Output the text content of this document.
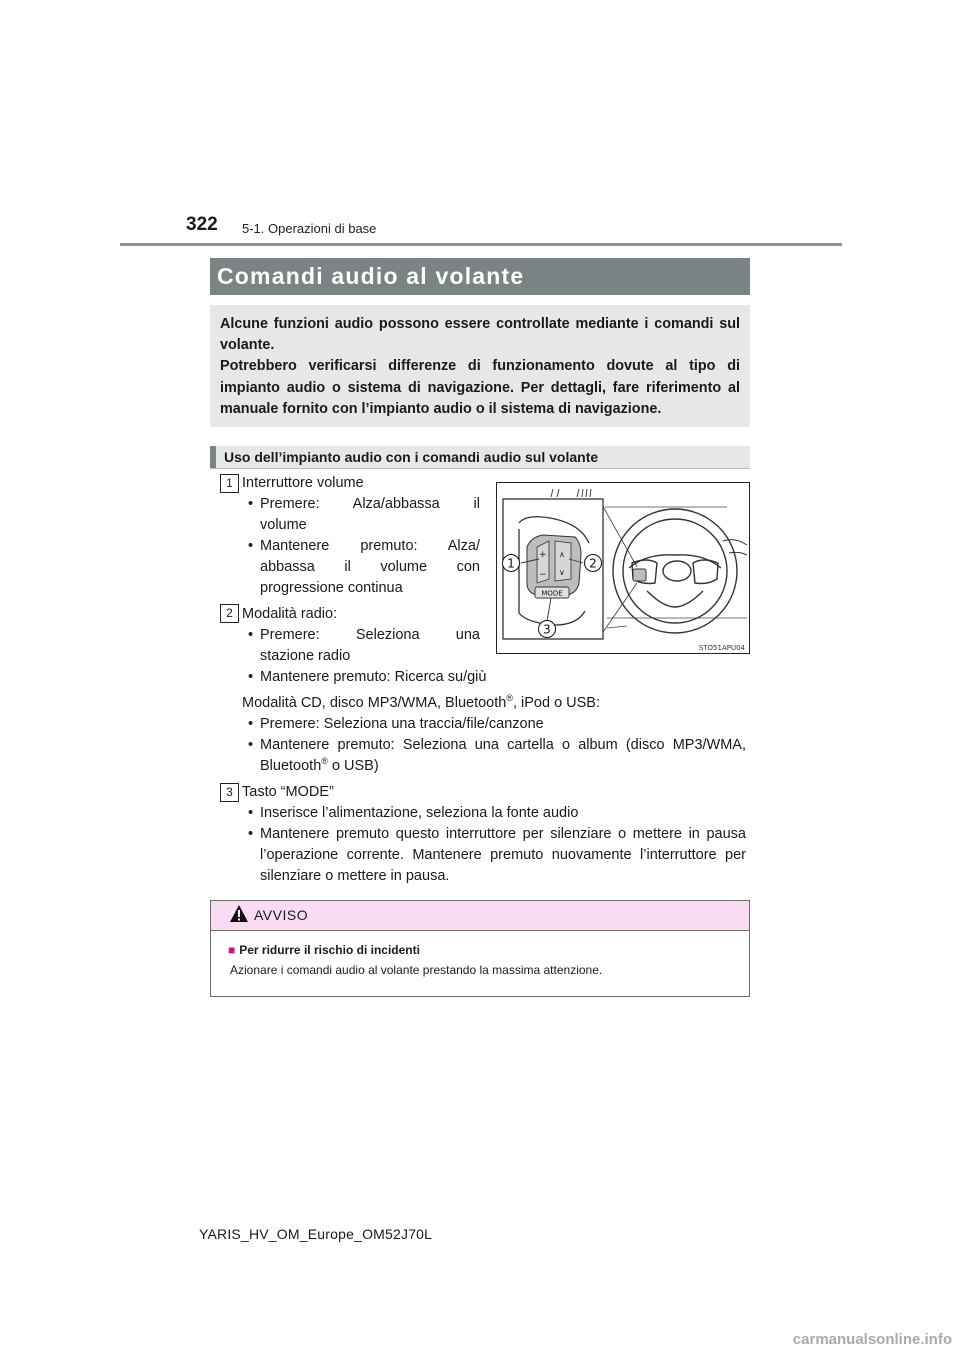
322 5-1. Operazioni di base
Comandi audio al volante

Alcune funzioni audio possono essere controllate mediante i comandi sul volante.

Potrebbero verificarsi differenze di funzionamento dovute al tipo di impianto audio o sistema di navigazione. Per dettagli, fare riferimento al manuale fornito con l’impianto audio o il sistema di navigazione.

Uso dell’impianto audio con i comandi audio sul volante
1 Interruttore volume
• Premere: Alza/abbassa il
volume
• Mantenere premuto: Alza/
abbassa il volume con
progressione continua
2 Modalità radio:
• Premere: Seleziona una
stazione radio
• Mantenere premuto: Ricerca su/giù
Modalità CD, disco MP3/WMA, Bluetooth®, iPod o USB:
• Premere: Seleziona una traccia/file/canzone
• Mantenere premuto: Seleziona una cartella o album (disco MP3/WMA,
Bluetooth® o USB)
3 Tasto “MODE”
• Inserisce l’alimentazione, seleziona la fonte audio
• Mantenere premuto questo interruttore per silenziare o mettere in pausa
l’operazione corrente. Mantenere premuto nuovamente l’interruttore per
silenziare o mettere in pausa.
+
−
∧
∨
MODE
1	2
3
STO51APU04
AVVISO
■ Per ridurre il rischio di incidenti
Azionare i comandi audio al volante prestando la massima attenzione.
YARIS_HV_OM_Europe_OM52J70L
carmanualsonline.info
